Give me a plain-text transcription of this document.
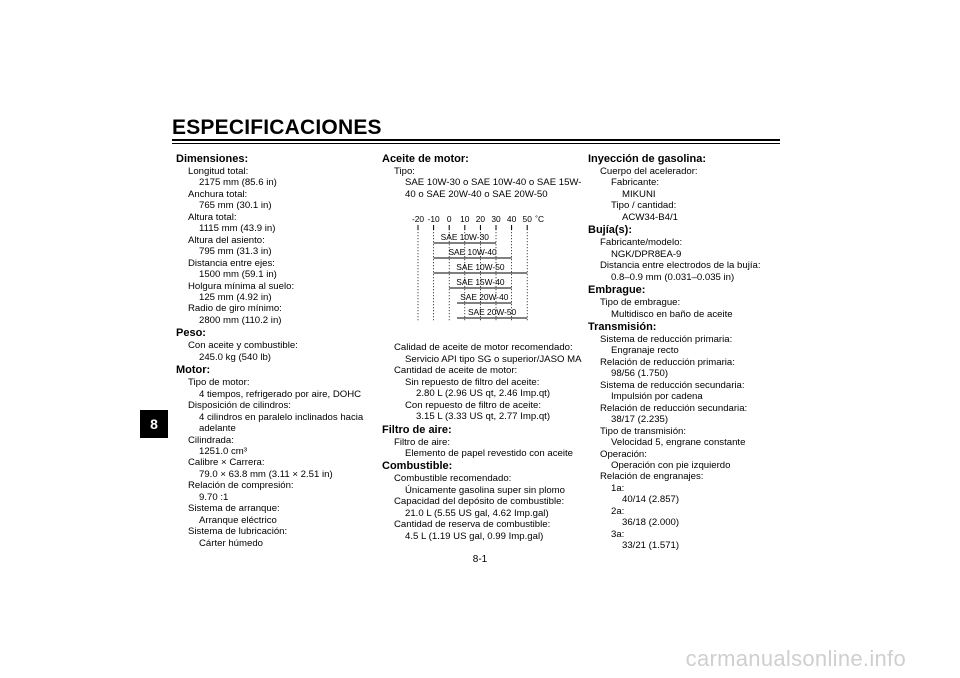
ESPECIFICACIONES
8
Dimensiones:
Longitud total:
2175 mm (85.6 in)
Anchura total:
765 mm (30.1 in)
Altura total:
1115 mm (43.9 in)
Altura del asiento:
795 mm (31.3 in)
Distancia entre ejes:
1500 mm (59.1 in)
Holgura mínima al suelo:
125 mm (4.92 in)
Radio de giro mínimo:
2800 mm (110.2 in)
Peso:
Con aceite y combustible:
245.0 kg (540 lb)
Motor:
Tipo de motor:
4 tiempos, refrigerado por aire, DOHC
Disposición de cilindros:
4 cilindros en paralelo inclinados hacia
adelante
Cilindrada:
1251.0 cm³
Calibre × Carrera:
79.0 × 63.8 mm (3.11 × 2.51 in)
Relación de compresión:
9.70 :1
Sistema de arranque:
Arranque eléctrico
Sistema de lubricación:
Cárter húmedo
Aceite de motor:
Tipo:
SAE 10W-30 o SAE 10W-40 o SAE 15W-
40 o SAE 20W-40 o SAE 20W-50
Calidad de aceite de motor recomendado:
Servicio API tipo SG o superior/JASO MA
Cantidad de aceite de motor:
Sin repuesto de filtro del aceite:
2.80 L (2.96 US qt, 2.46 Imp.qt)
Con repuesto de filtro de aceite:
3.15 L (3.33 US qt, 2.77 Imp.qt)
Filtro de aire:
Filtro de aire:
Elemento de papel revestido con aceite
Combustible:
Combustible recomendado:
Únicamente gasolina super sin plomo
Capacidad del depósito de combustible:
21.0 L (5.55 US gal, 4.62 Imp.gal)
Cantidad de reserva de combustible:
4.5 L (1.19 US gal, 0.99 Imp.gal)
-20 -10 0 10 20 30 40 50 ˚C
SAE 10W-30
SAE 10W-40
SAE 10W-50
SAE 15W-40
SAE 20W-40
SAE 20W-50
Inyección de gasolina:
Cuerpo del acelerador:
Fabricante:
MIKUNI
Tipo / cantidad:
ACW34-B4/1
Bujía(s):
Fabricante/modelo:
NGK/DPR8EA-9
Distancia entre electrodos de la bujía:
0.8–0.9 mm (0.031–0.035 in)
Embrague:
Tipo de embrague:
Multidisco en baño de aceite
Transmisión:
Sistema de reducción primaria:
Engranaje recto
Relación de reducción primaria:
98/56 (1.750)
Sistema de reducción secundaria:
Impulsión por cadena
Relación de reducción secundaria:
38/17 (2.235)
Tipo de transmisión:
Velocidad 5, engrane constante
Operación:
Operación con pie izquierdo
Relación de engranajes:
1a:
40/14 (2.857)
2a:
36/18 (2.000)
3a:
33/21 (1.571)
8-1
carmanualsonline.info
